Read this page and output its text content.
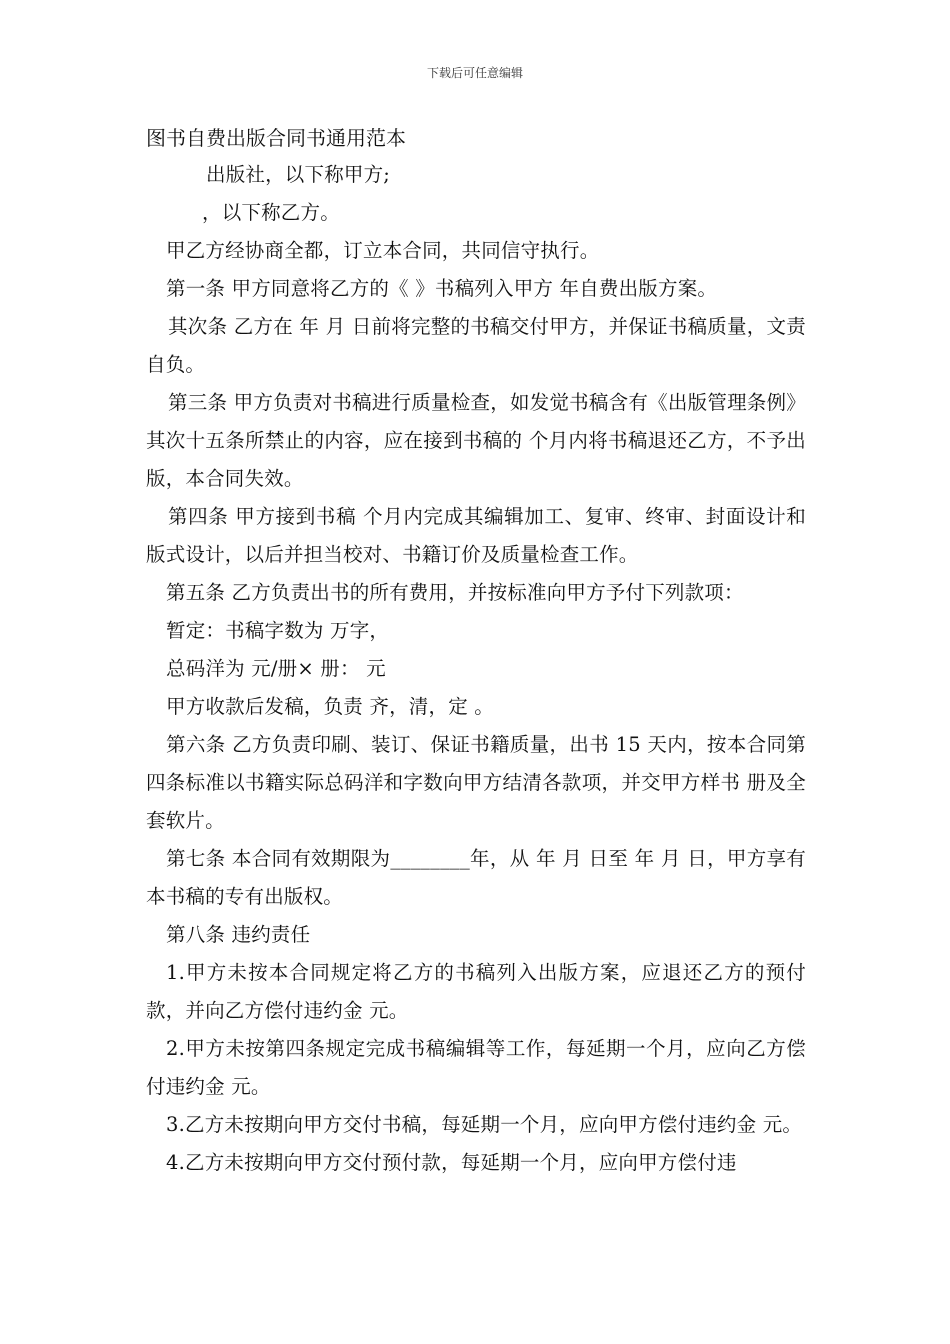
下载后可任意编辑
图书自费出版合同书通用范本

出版社，以下称甲方;

，以下称乙方。

甲乙方经协商全都，订立本合同，共同信守执行。

第一条 甲方同意将乙方的《 》书稿列入甲方 年自费出版方案。

其次条 乙方在 年 月 日前将完整的书稿交付甲方，并保证书稿质量，文责自负。

第三条 甲方负责对书稿进行质量检查，如发觉书稿含有《出版管理条例》其次十五条所禁止的内容，应在接到书稿的 个月内将书稿退还乙方，不予出版，本合同失效。

第四条 甲方接到书稿 个月内完成其编辑加工、复审、终审、封面设计和版式设计，以后并担当校对、书籍订价及质量检查工作。

第五条 乙方负责出书的所有费用，并按标准向甲方予付下列款项：

暂定：书稿字数为 万字，

总码洋为 元/册× 册： 元

甲方收款后发稿，负责 齐，清，定 。

第六条 乙方负责印刷、装订、保证书籍质量，出书 15 天内，按本合同第四条标准以书籍实际总码洋和字数向甲方结清各款项，并交甲方样书 册及全套软片。

第七条 本合同有效期限为________年，从 年 月 日至 年 月 日，甲方享有本书稿的专有出版权。

第八条 违约责任

1.甲方未按本合同规定将乙方的书稿列入出版方案，应退还乙方的预付款，并向乙方偿付违约金 元。

2.甲方未按第四条规定完成书稿编辑等工作，每延期一个月，应向乙方偿付违约金 元。

3.乙方未按期向甲方交付书稿，每延期一个月，应向甲方偿付违约金 元。

4.乙方未按期向甲方交付预付款，每延期一个月，应向甲方偿付违
